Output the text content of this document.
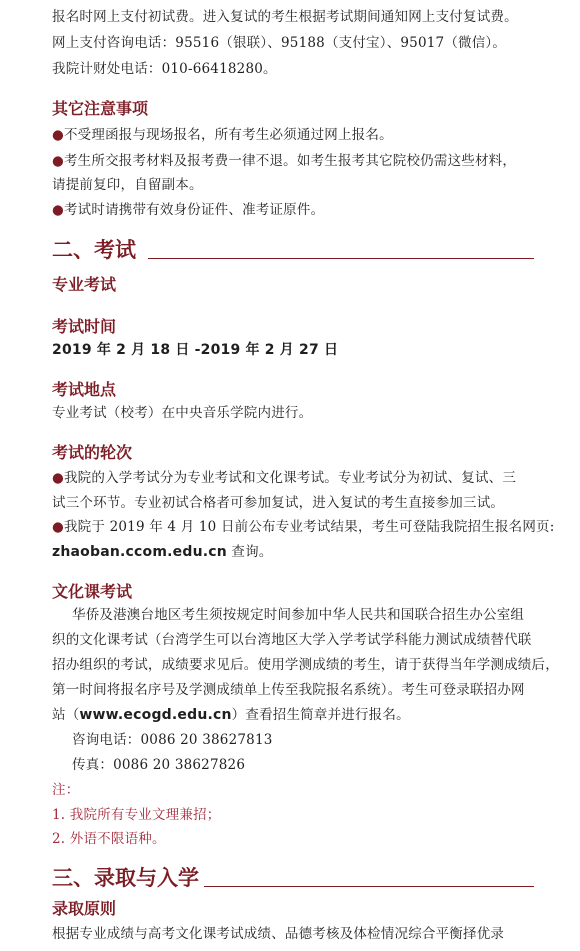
报名时网上支付初试费。进入复试的考生根据考试期间通知网上支付复试费。
网上支付咨询电话：95516（银联）、95188（支付宝）、95017（微信）。
我院计财处电话：010-66418280。
其它注意事项
●不受理函报与现场报名，所有考生必须通过网上报名。
●考生所交报考材料及报考费一律不退。如考生报考其它院校仍需这些材料，
请提前复印，自留副本。
●考试时请携带有效身份证件、准考证原件。
二、考试
专业考试
考试时间
2019 年 2 月 18 日 -2019 年 2 月 27 日
考试地点
专业考试（校考）在中央音乐学院内进行。
考试的轮次
●我院的入学考试分为专业考试和文化课考试。专业考试分为初试、复试、三
试三个环节。专业初试合格者可参加复试，进入复试的考生直接参加三试。
●我院于 2019 年 4 月 10 日前公布专业考试结果，考生可登陆我院招生报名网页:
zhaoban.ccom.edu.cn 查询。
文化课考试
华侨及港澳台地区考生须按规定时间参加中华人民共和国联合招生办公室组
织的文化课考试（台湾学生可以台湾地区大学入学考试学科能力测试成绩替代联
招办组织的考试，成绩要求见后。使用学测成绩的考生，请于获得当年学测成绩后，
第一时间将报名序号及学测成绩单上传至我院报名系统）。考生可登录联招办网
站（www.ecogd.edu.cn）查看招生简章并进行报名。
咨询电话：0086 20 38627813
传真：0086 20 38627826
注：
1. 我院所有专业文理兼招；
2. 外语不限语种。
三、录取与入学
录取原则
根据专业成绩与高考文化课考试成绩、品德考核及体检情况综合平衡择优录
